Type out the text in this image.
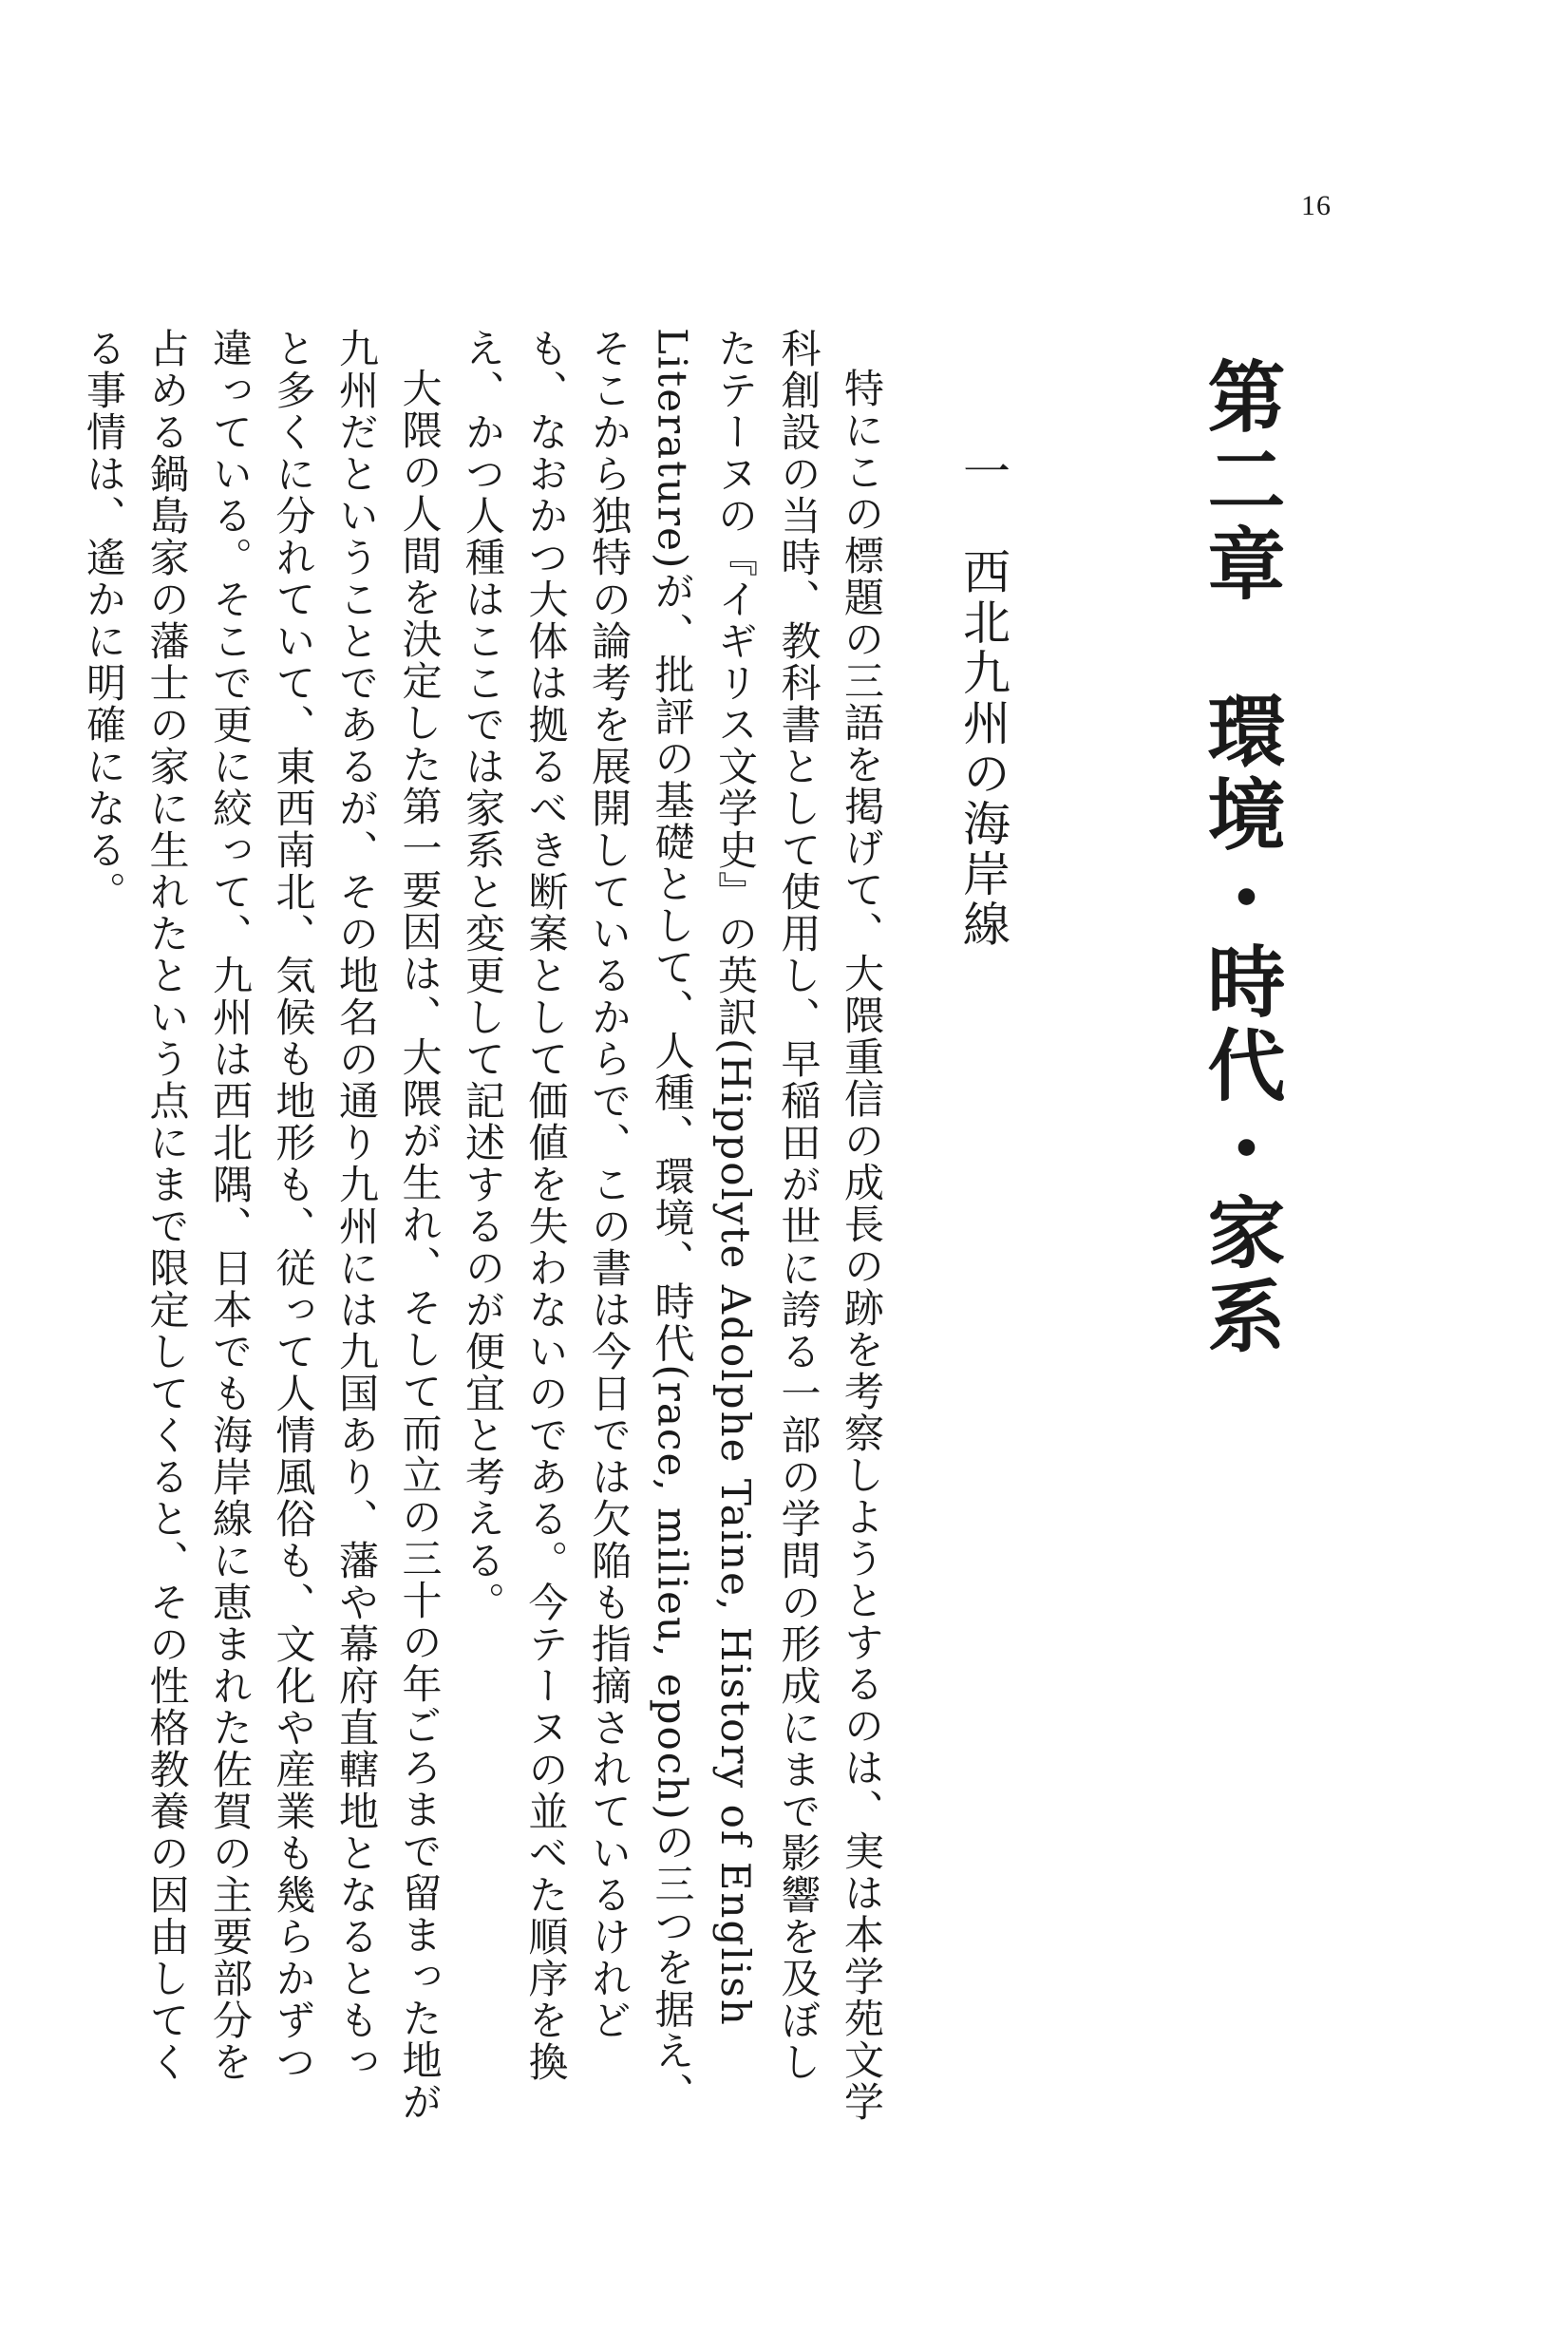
16
第二章　環境・時代・家系
一　西北九州の海岸線

特にこの標題の三語を掲げて、大隈重信の成長の跡を考察しようとするのは、実は本学苑文学科創設の当時、教科書として使用し、早稲田が世に誇る一部の学問の形成にまで影響を及ぼしたテーヌの『イギリス文学史』の英訳(Hippolyte Adolphe Taine, History of English Literature)が、批評の基礎として、人種、環境、時代(race, milieu, epoch)の三つを据え、そこから独特の論考を展開しているからで、この書は今日では欠陥も指摘されているけれども、なおかつ大体は拠るべき断案として価値を失わないのである。今テーヌの並べた順序を換え、かつ人種はここでは家系と変更して記述するのが便宜と考える。

大隈の人間を決定した第一要因は、大隈が生れ、そして而立の三十の年ごろまで留まった地が九州だということであるが、その地名の通り九州には九国あり、藩や幕府直轄地となるともっと多くに分れていて、東西南北、気候も地形も、従って人情風俗も、文化や産業も幾らかずつ違っている。そこで更に絞って、九州は西北隅、日本でも海岸線に恵まれた佐賀の主要部分を占める鍋島家の藩士の家に生れたという点にまで限定してくると、その性格教養の因由してくる事情は、遙かに明確になる。
